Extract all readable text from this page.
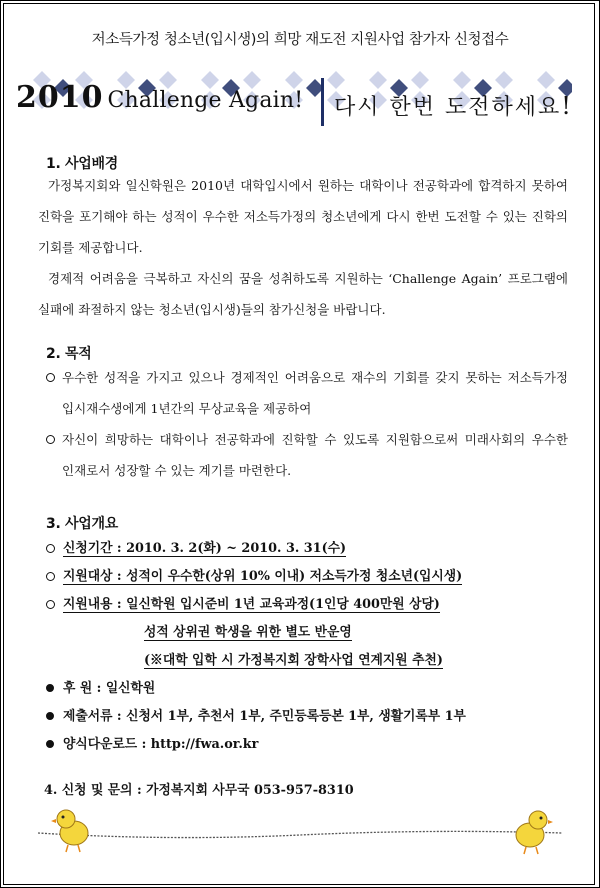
저소득가정 청소년(입시생)의 희망 재도전 지원사업 참가자 신청접수
2010 Challenge Again! 다시 한번 도전하세요!
1. 사업배경

가정복지회와 일신학원은 2010년 대학입시에서 원하는 대학이나 전공학과에 합격하지 못하여 진학을 포기해야 하는 성적이 우수한 저소득가정의 청소년에게 다시 한번 도전할 수 있는 진학의 기회를 제공합니다.

경제적 어려움을 극복하고 자신의 꿈을 성취하도록 지원하는 ‘Challenge Again’ 프로그램에 실패에 좌절하지 않는 청소년(입시생)들의 참가신청을 바랍니다.

2. 목적
우수한 성적을 가지고 있으나 경제적인 어려움으로 재수의 기회를 갖지 못하는 저소득가정 입시재수생에게 1년간의 무상교육을 제공하여
자신이 희망하는 대학이나 전공학과에 진학할 수 있도록 지원함으로써 미래사회의 우수한 인재로서 성장할 수 있는 계기를 마련한다.
3. 사업개요
신청기간 : 2010. 3. 2(화) ~ 2010. 3. 31(수)
지원대상 : 성적이 우수한(상위 10% 이내) 저소득가정 청소년(입시생)
지원내용 : 일신학원 입시준비 1년 교육과정(1인당 400만원 상당)
성적 상위권 학생을 위한 별도 반운영
(※대학 입학 시 가정복지회 장학사업 연계지원 추천)
후 원 : 일신학원
제출서류 : 신청서 1부, 추천서 1부, 주민등록등본 1부, 생활기록부 1부
양식다운로드 : http://fwa.or.kr
4. 신청 및 문의 : 가정복지회 사무국 053-957-8310
